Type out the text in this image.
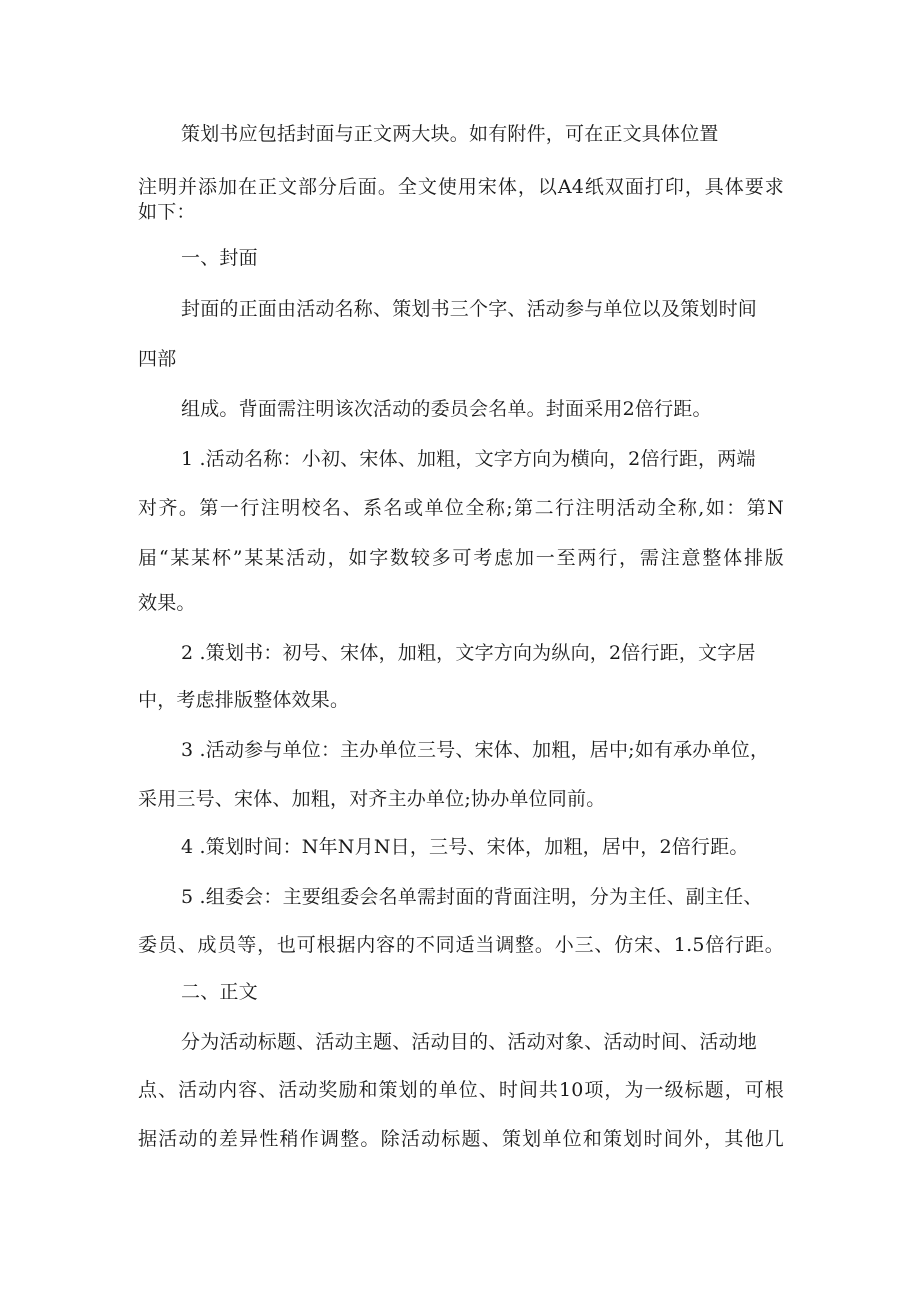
策划书应包括封面与正文两大块。如有附件，可在正文具体位置
注明并添加在正文部分后面。全文使用宋体，以A4纸双面打印，具体要求
如下：
一、封面
封面的正面由活动名称、策划书三个字、活动参与单位以及策划时间
四部
组成。背面需注明该次活动的委员会名单。封面采用2倍行距。
1 .活动名称：小初、宋体、加粗，文字方向为横向，2倍行距，两端
对齐。第一行注明校名、系名或单位全称;第二行注明活动全称,如：第N
届“某某杯”某某活动，如字数较多可考虑加一至两行，需注意整体排版
效果。
2 .策划书：初号、宋体，加粗，文字方向为纵向，2倍行距，文字居
中，考虑排版整体效果。
3 .活动参与单位：主办单位三号、宋体、加粗，居中;如有承办单位，
采用三号、宋体、加粗，对齐主办单位;协办单位同前。
4 .策划时间：N年N月N日，三号、宋体，加粗，居中，2倍行距。
5 .组委会：主要组委会名单需封面的背面注明，分为主任、副主任、
委员、成员等，也可根据内容的不同适当调整。小三、仿宋、1.5倍行距。
二、正文
分为活动标题、活动主题、活动目的、活动对象、活动时间、活动地
点、活动内容、活动奖励和策划的单位、时间共10项，为一级标题，可根
据活动的差异性稍作调整。除活动标题、策划单位和策划时间外，其他几
